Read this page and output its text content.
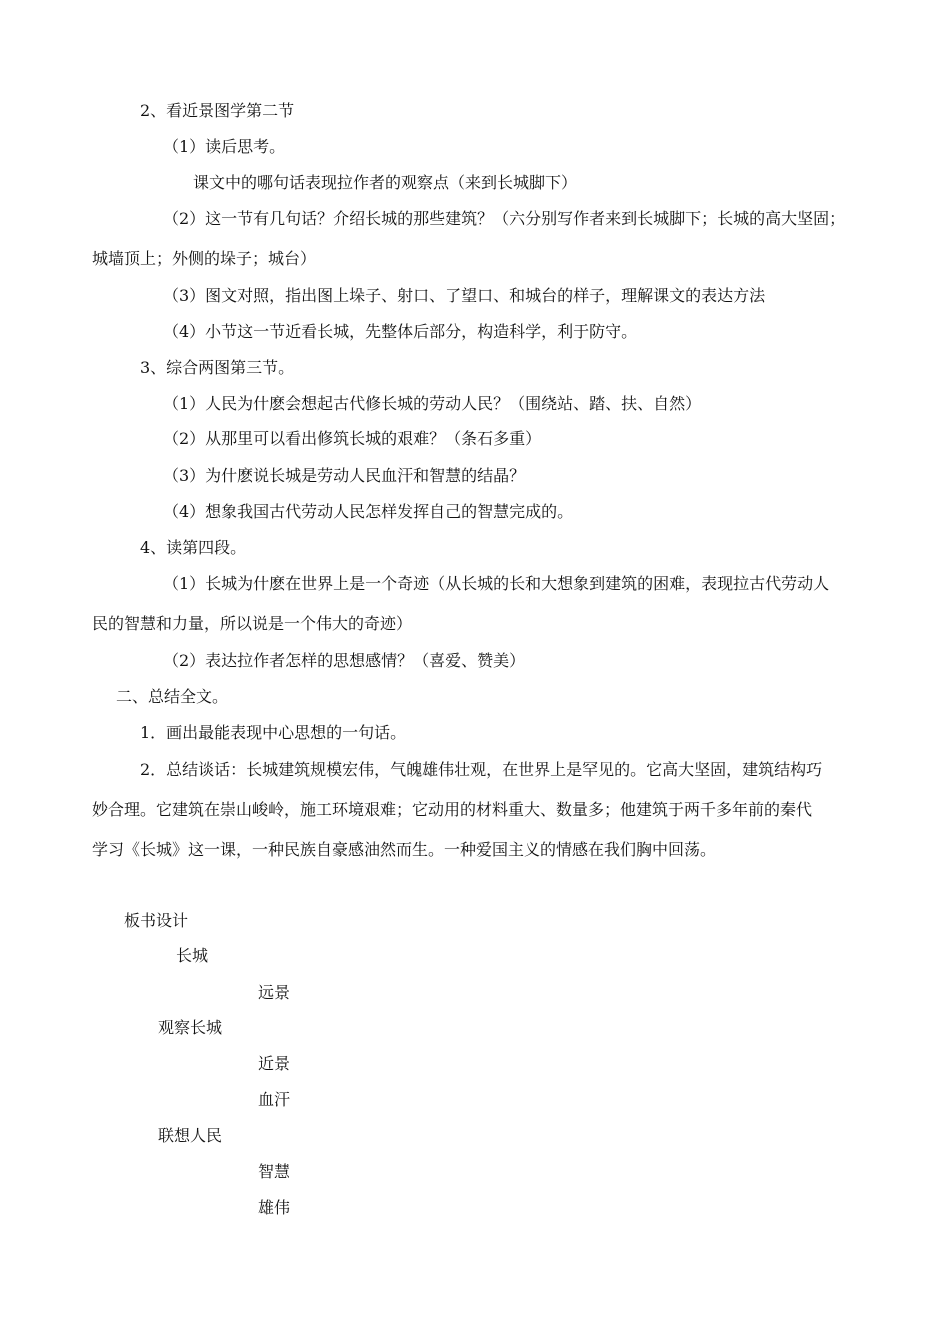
2、看近景图学第二节
（1）读后思考。
课文中的哪句话表现拉作者的观察点（来到长城脚下）
（2）这一节有几句话？介绍长城的那些建筑？（六分别写作者来到长城脚下；长城的高大坚固；
城墙顶上；外侧的垛子；城台）
（3）图文对照，指出图上垛子、射口、了望口、和城台的样子，理解课文的表达方法
（4）小节这一节近看长城，先整体后部分，构造科学，利于防守。
3、综合两图第三节。
（1）人民为什麽会想起古代修长城的劳动人民？（围绕站、踏、扶、自然）
（2）从那里可以看出修筑长城的艰难？（条石多重）
（3）为什麽说长城是劳动人民血汗和智慧的结晶？
（4）想象我国古代劳动人民怎样发挥自己的智慧完成的。
4、读第四段。
（1）长城为什麽在世界上是一个奇迹（从长城的长和大想象到建筑的困难，表现拉古代劳动人
民的智慧和力量，所以说是一个伟大的奇迹）
（2）表达拉作者怎样的思想感情？（喜爱、赞美）
二、总结全文。
1．画出最能表现中心思想的一句话。
2．总结谈话：长城建筑规模宏伟，气魄雄伟壮观，在世界上是罕见的。它高大坚固，建筑结构巧
妙合理。它建筑在崇山峻岭，施工环境艰难；它动用的材料重大、数量多；他建筑于两千多年前的秦代
学习《长城》这一课，一种民族自豪感油然而生。一种爱国主义的情感在我们胸中回荡。
板书设计
长城
远景
观察长城
近景
血汗
联想人民
智慧
雄伟
